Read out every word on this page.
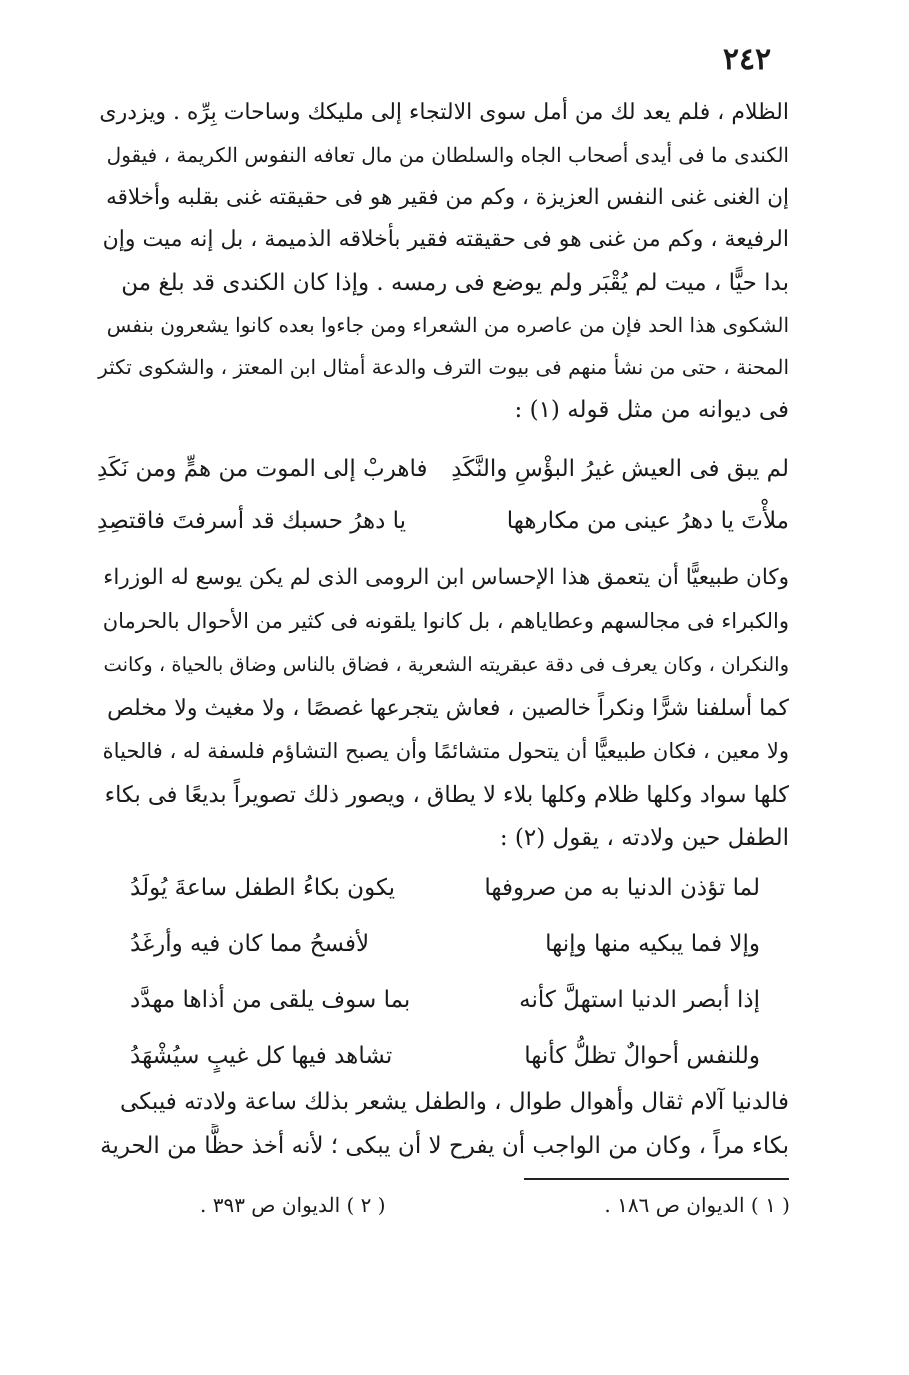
٢٤٢
الظلام ، فلم يعد لك من أمل سوى الالتجاء إلى مليكك وساحات بِرِّه . ويزدرى
الكندى ما فى أيدى أصحاب الجاه والسلطان من مال تعافه النفوس الكريمة ، فيقول
إن الغنى غنى النفس العزيزة ، وكم من فقير هو فى حقيقته غنى بقلبه وأخلاقه
الرفيعة ، وكم من غنى هو فى حقيقته فقير بأخلاقه الذميمة ، بل إنه ميت وإن
بدا حيًّا ، ميت لم يُقْبَر ولم يوضع فى رمسه . وإذا كان الكندى قد بلغ من
الشكوى هذا الحد فإن من عاصره من الشعراء ومن جاءوا بعده كانوا يشعرون بنفس
المحنة ، حتى من نشأ منهم فى بيوت الترف والدعة أمثال ابن المعتز ، والشكوى تكثر
فى ديوانه من مثل قوله (١) :
لم يبق فى العيش غيرُ البؤْسِ والنَّكَدِ
فاهربْ إلى الموت من همٍّ ومن نَكَدِ
ملأْتَ يا دهرُ عينى من مكارهها
يا دهرُ حسبك قد أسرفتَ فاقتصِدِ
وكان طبيعيًّا أن يتعمق هذا الإحساس ابن الرومى الذى لم يكن يوسع له الوزراء
والكبراء فى مجالسهم وعطاياهم ، بل كانوا يلقونه فى كثير من الأحوال بالحرمان
والنكران ، وكان يعرف فى دقة عبقريته الشعرية ، فضاق بالناس وضاق بالحياة ، وكانت
كما أسلفنا شرًّا ونكراً خالصين ، فعاش يتجرعها غصصًا ، ولا مغيث ولا مخلص
ولا معين ، فكان طبيعيًّا أن يتحول متشائمًا وأن يصبح التشاؤم فلسفة له ، فالحياة
كلها سواد وكلها ظلام وكلها بلاء لا يطاق ، ويصور ذلك تصويراً بديعًا فى بكاء
الطفل حين ولادته ، يقول (٢) :
لما تؤذن الدنيا به من صروفها
يكون بكاءُ الطفل ساعةَ يُولَدُ
وإلا فما يبكيه منها وإنها
لأفسحُ مما كان فيه وأرغَدُ
إذا أبصر الدنيا استهلَّ كأنه
بما سوف يلقى من أذاها مهدَّد
وللنفس أحوالٌ تظلُّ كأنها
تشاهد فيها كل غيبٍ سيُشْهَدُ
فالدنيا آلام ثقال وأهوال طوال ، والطفل يشعر بذلك ساعة ولادته فيبكى
بكاء مراً ، وكان من الواجب أن يفرح لا أن يبكى ؛ لأنه أخذ حظًّا من الحرية
( ١ ) الديوان ص ١٨٦ .
( ٢ ) الديوان ص ٣٩٣ .
